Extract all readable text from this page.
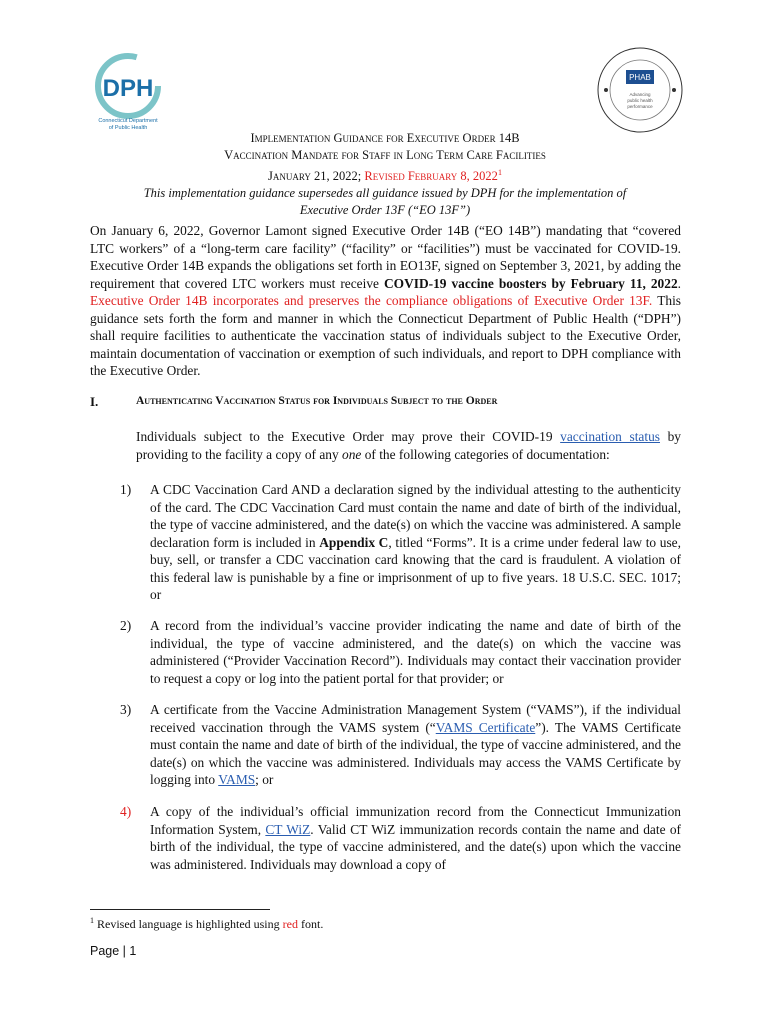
DPH
Connecticut Department
of Public Health
PHAB
Advancing
public health
performance
Implementation Guidance for Executive Order 14B
Vaccination Mandate for Staff in Long Term Care Facilities
January 21, 2022; Revised February 8, 2022$^1$
This implementation guidance supersedes all guidance issued by DPH for the implementation of
Executive Order 13F (“EO 13F”)
On January 6, 2022, Governor Lamont signed Executive Order 14B (“EO 14B”) mandating that “covered LTC workers” of a “long-term care facility” (“facility” or “facilities”) must be vaccinated for COVID-19. Executive Order 14B expands the obligations set forth in EO13F, signed on September 3, 2021, by adding the requirement that covered LTC workers must receive COVID-19 vaccine boosters by February 11, 2022. Executive Order 14B incorporates and preserves the compliance obligations of Executive Order 13F. This guidance sets forth the form and manner in which the Connecticut Department of Public Health (“DPH”) shall require facilities to authenticate the vaccination status of individuals subject to the Executive Order, maintain documentation of vaccination or exemption of such individuals, and report to DPH compliance with the Executive Order.
I.	Authenticating Vaccination Status for Individuals Subject to the Order
Individuals subject to the Executive Order may prove their COVID-19 vaccination status by providing to the facility a copy of any one of the following categories of documentation:
1) A CDC Vaccination Card AND a declaration signed by the individual attesting to the authenticity of the card. The CDC Vaccination Card must contain the name and date of birth of the individual, the type of vaccine administered, and the date(s) on which the vaccine was administered. A sample declaration form is included in Appendix C, titled “Forms”. It is a crime under federal law to use, buy, sell, or transfer a CDC vaccination card knowing that the card is fraudulent. A violation of this federal law is punishable by a fine or imprisonment of up to five years. 18 U.S.C. SEC. 1017; or
2) A record from the individual’s vaccine provider indicating the name and date of birth of the individual, the type of vaccine administered, and the date(s) on which the vaccine was administered (“Provider Vaccination Record”). Individuals may contact their vaccination provider to request a copy or log into the patient portal for that provider; or
3) A certificate from the Vaccine Administration Management System (“VAMS”), if the individual received vaccination through the VAMS system (“VAMS Certificate”). The VAMS Certificate must contain the name and date of birth of the individual, the type of vaccine administered, and the date(s) on which the vaccine was administered. Individuals may access the VAMS Certificate by logging into VAMS; or
4) A copy of the individual’s official immunization record from the Connecticut Immunization Information System, CT WiZ. Valid CT WiZ immunization records contain the name and date of birth of the individual, the type of vaccine administered, and the date(s) upon which the vaccine was administered. Individuals may download a copy of
$^1$ Revised language is highlighted using red font.
Page | 1
